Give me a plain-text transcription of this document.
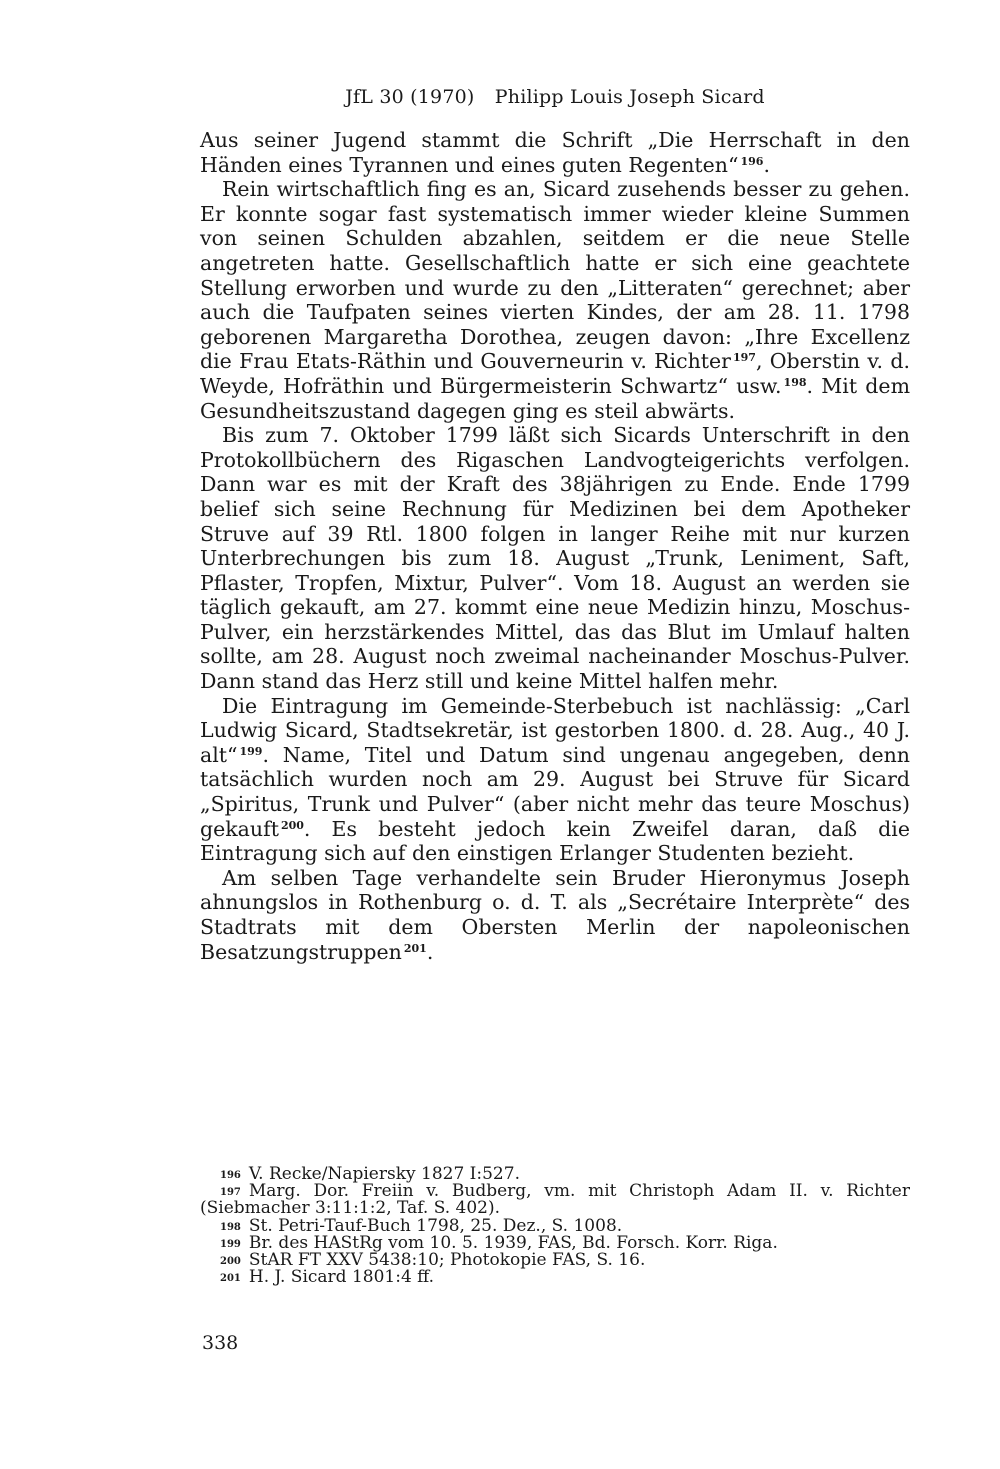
JfL 30 (1970) Philipp Louis Joseph Sicard

Aus seiner Jugend stammt die Schrift „Die Herrschaft in den Händen eines Tyrannen und eines guten Regenten“ $^{196}$.

Rein wirtschaftlich fing es an, Sicard zusehends besser zu gehen. Er konnte sogar fast systematisch immer wieder kleine Summen von seinen Schulden abzahlen, seitdem er die neue Stelle angetreten hatte. Gesellschaftlich hatte er sich eine geachtete Stellung erworben und wurde zu den „Litteraten“ gerechnet; aber auch die Taufpaten seines vierten Kindes, der am 28. 11. 1798 geborenen Margaretha Dorothea, zeugen davon: „Ihre Excellenz die Frau Etats-Räthin und Gouverneurin v. Richter $^{197}$, Oberstin v. d. Weyde, Hofräthin und Bürgermeisterin Schwartz“ usw. $^{198}$. Mit dem Gesundheitszustand dagegen ging es steil abwärts.

Bis zum 7. Oktober 1799 läßt sich Sicards Unterschrift in den Protokollbüchern des Rigaschen Landvogteigerichts verfolgen. Dann war es mit der Kraft des 38jährigen zu Ende. Ende 1799 belief sich seine Rechnung für Medizinen bei dem Apotheker Struve auf 39 Rtl. 1800 folgen in langer Reihe mit nur kurzen Unterbrechungen bis zum 18. August „Trunk, Leniment, Saft, Pflaster, Tropfen, Mixtur, Pulver“. Vom 18. August an werden sie täglich gekauft, am 27. kommt eine neue Medizin hinzu, Moschus-Pulver, ein herzstärkendes Mittel, das das Blut im Umlauf halten sollte, am 28. August noch zweimal nacheinander Moschus-Pulver. Dann stand das Herz still und keine Mittel halfen mehr.

Die Eintragung im Gemeinde-Sterbebuch ist nachlässig: „Carl Ludwig Sicard, Stadtsekretär, ist gestorben 1800. d. 28. Aug., 40 J. alt“ $^{199}$. Name, Titel und Datum sind ungenau angegeben, denn tatsächlich wurden noch am 29. August bei Struve für Sicard „Spiritus, Trunk und Pulver“ (aber nicht mehr das teure Moschus) gekauft $^{200}$. Es besteht jedoch kein Zweifel daran, daß die Eintragung sich auf den einstigen Erlanger Studenten bezieht.

Am selben Tage verhandelte sein Bruder Hieronymus Joseph ahnungslos in Rothenburg o. d. T. als „Secrétaire Interprète“ des Stadtrats mit dem Obersten Merlin der napoleonischen Besatzungstruppen $^{201}$.

$^{196}$ V. Recke/Napiersky 1827 I:527.

$^{197}$ Marg. Dor. Freiin v. Budberg, vm. mit Christoph Adam II. v. Richter (Siebmacher 3:11:1:2, Taf. S. 402).

$^{198}$ St. Petri-Tauf-Buch 1798, 25. Dez., S. 1008.

$^{199}$ Br. des HAStRg vom 10. 5. 1939, FAS, Bd. Forsch. Korr. Riga.

$^{200}$ StAR FT XXV 5438:10; Photokopie FAS, S. 16.

$^{201}$ H. J. Sicard 1801:4 ff.

338
